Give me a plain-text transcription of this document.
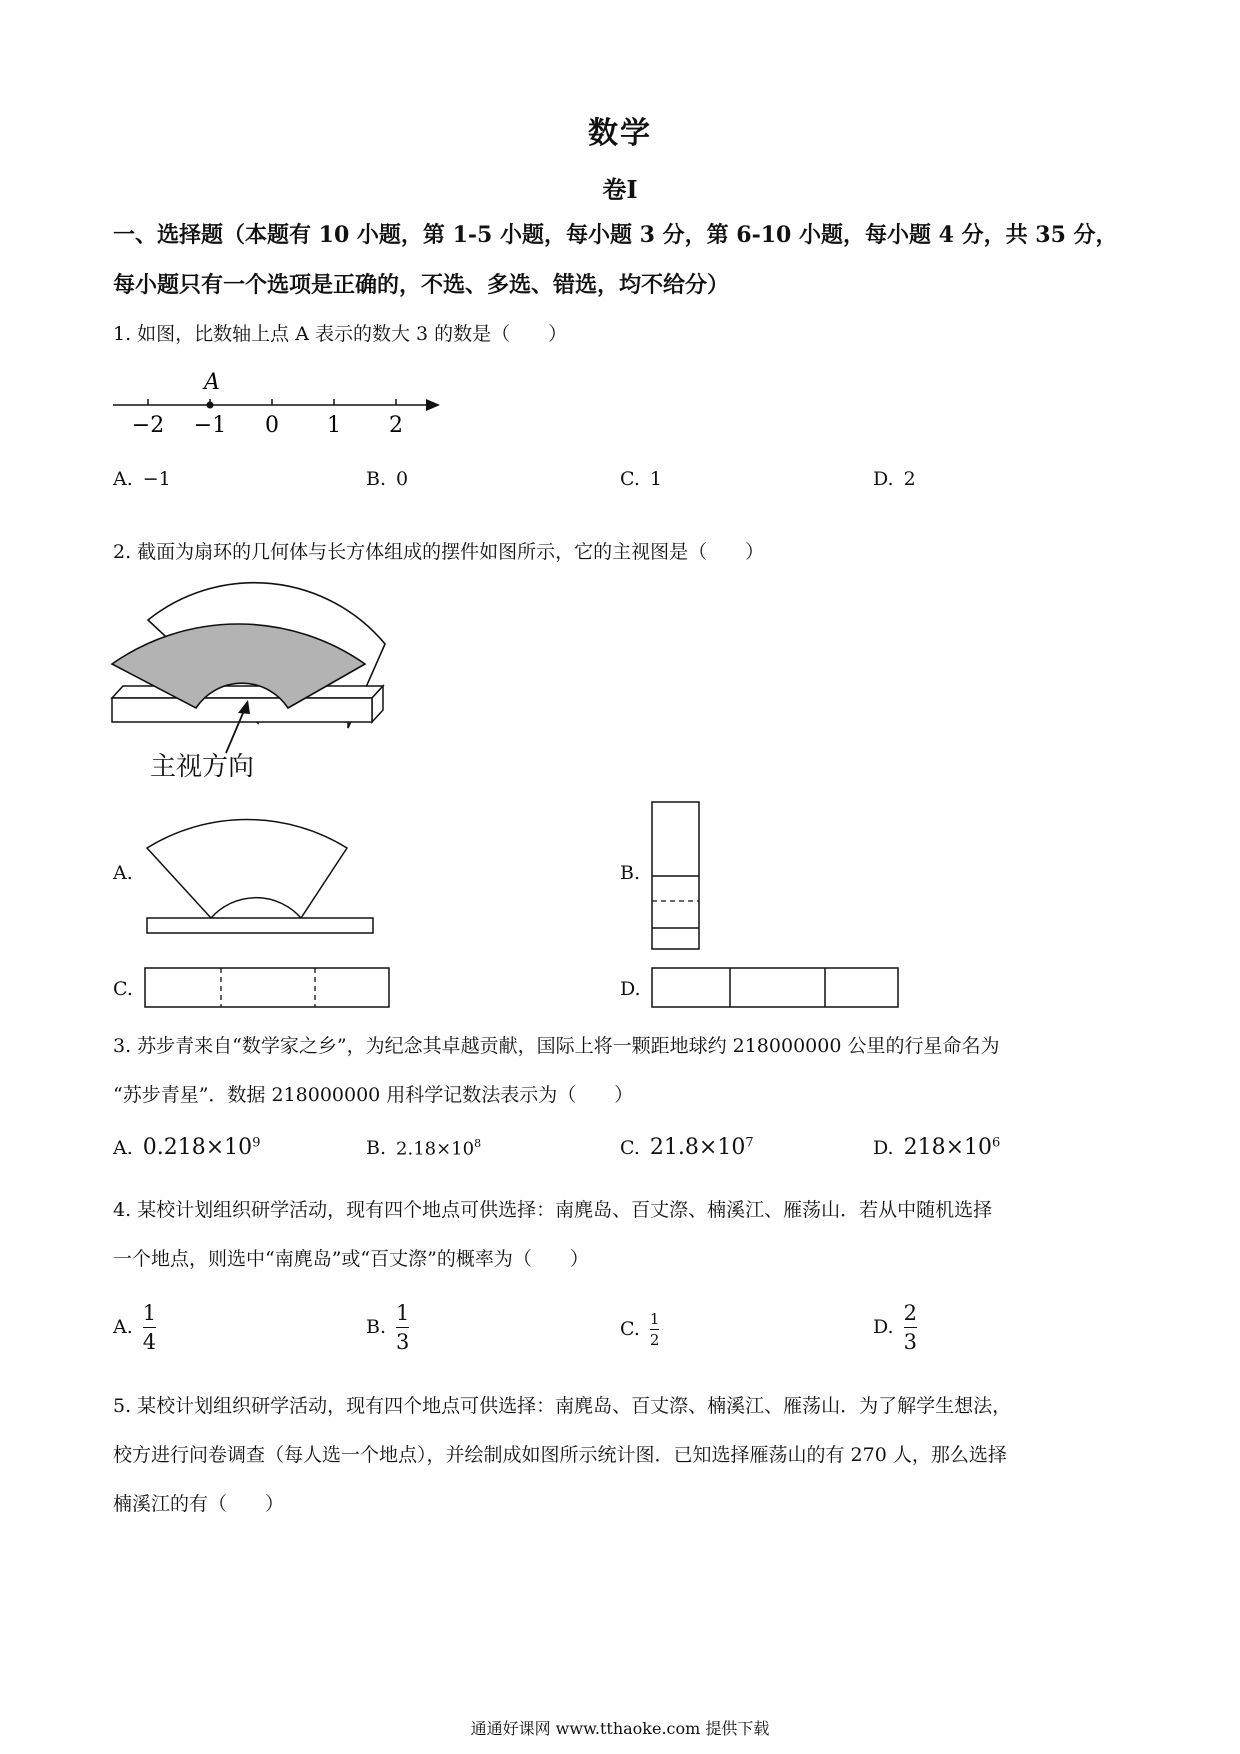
数学
卷Ⅰ
一、选择题（本题有 10 小题，第 1-5 小题，每小题 3 分，第 6-10 小题，每小题 4 分，共 35 分，
每小题只有一个选项是正确的，不选、多选、错选，均不给分）
1. 如图，比数轴上点 A 表示的数大 3 的数是（　　）
A
−2 −1 0 1 2
A. −1	B. 0	C. 1	D. 2
2. 截面为扇环的几何体与长方体组成的摆件如图所示，它的主视图是（　　）
主视方向
A.	B.
C.	D.
3. 苏步青来自“数学家之乡”，为纪念其卓越贡献，国际上将一颗距地球约 218000000 公里的行星命名为
“苏步青星”．数据 218000000 用科学记数法表示为（　　）
A. $0.218\times 10^9$	B. $2.18\times 10^8$	C. $21.8\times 10^7$	D. $218\times 10^6$
4. 某校计划组织研学活动，现有四个地点可供选择：南麂岛、百丈漈、楠溪江、雁荡山．若从中随机选择
一个地点，则选中“南麂岛”或“百丈漈”的概率为（　　）
A. $\frac{1}{4}$	B. $\frac{1}{3}$	C. $\frac{1}{2}$	D. $\frac{2}{3}$
5. 某校计划组织研学活动，现有四个地点可供选择：南麂岛、百丈漈、楠溪江、雁荡山．为了解学生想法，
校方进行问卷调查（每人选一个地点），并绘制成如图所示统计图．已知选择雁荡山的有 270 人，那么选择
楠溪江的有（　　）
通通好课网 www.tthaoke.com 提供下载
